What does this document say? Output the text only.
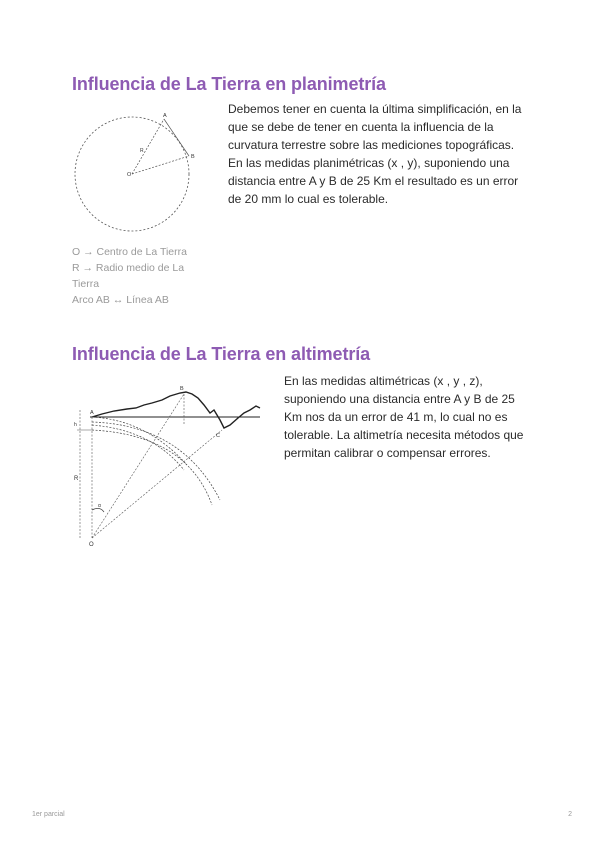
Influencia de La Tierra en planimetría
A
B
O
R

Debemos tener en cuenta la última simplificación, en la que se debe de tener en cuenta la influencia de la curvatura terrestre sobre las mediciones topográficas. En las medidas planimétricas (x , y), suponiendo una distancia entre A y B de 25 Km el resultado es un error de 20 mm lo cual es tolerable.

O → Centro de La Tierra
R → Radio medio de La Tierra
Arco AB ↔ Línea AB
Influencia de La Tierra en altimetría
A
B
C
O
R
h
α

En las medidas altimétricas (x , y , z), suponiendo una distancia entre A y B de 25 Km nos da un error de 41 m, lo cual no es tolerable. La altimetría necesita métodos que permitan calibrar o compensar errores.

1er parcial	2
